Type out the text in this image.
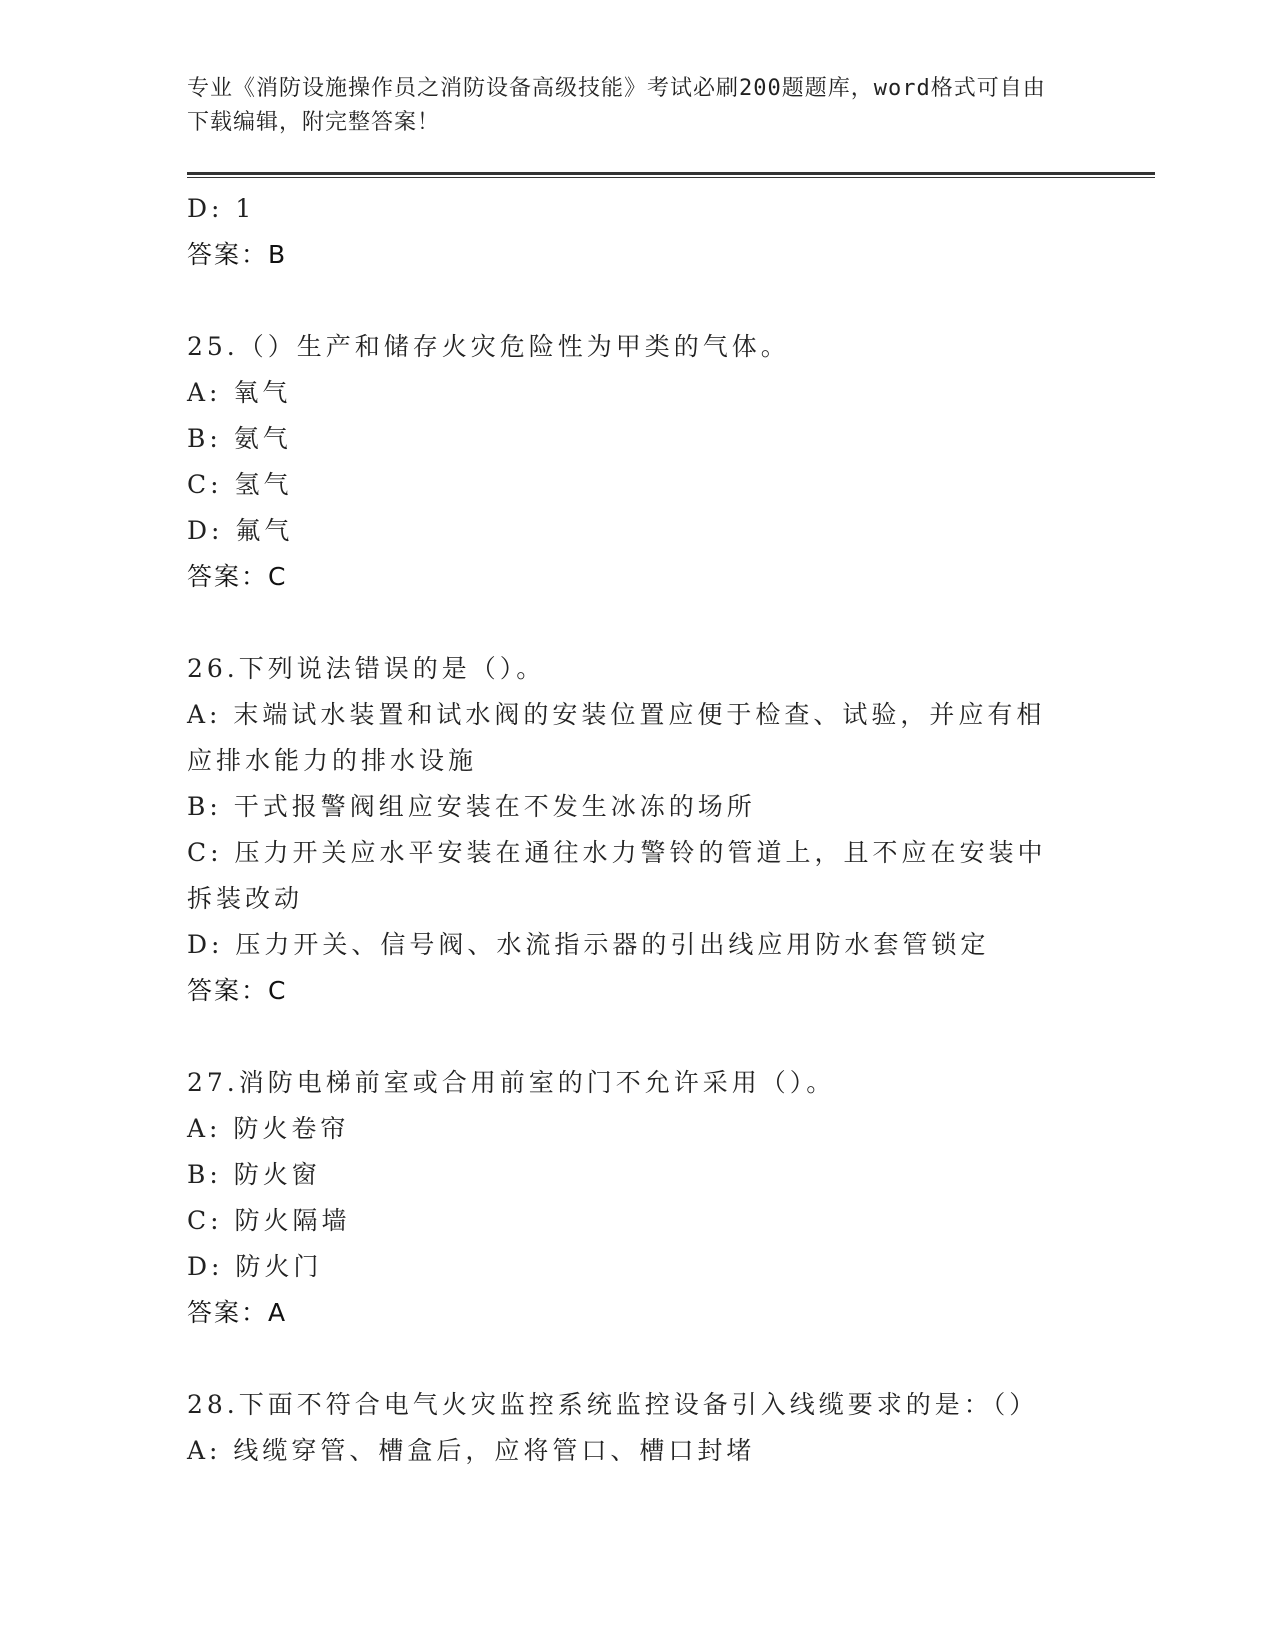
专业《消防设施操作员之消防设备高级技能》考试必刷200题题库，word格式可自由下载编辑，附完整答案！
D: 1
答案：B
25.（）生产和储存火灾危险性为甲类的气体。
A: 氧气
B: 氨气
C: 氢气
D: 氟气
答案：C
26.下列说法错误的是（）。
A: 末端试水装置和试水阀的安装位置应便于检查、试验，并应有相应排水能力的排水设施
B: 干式报警阀组应安装在不发生冰冻的场所
C: 压力开关应水平安装在通往水力警铃的管道上，且不应在安装中拆装改动
D: 压力开关、信号阀、水流指示器的引出线应用防水套管锁定
答案：C
27.消防电梯前室或合用前室的门不允许采用（）。
A: 防火卷帘
B: 防火窗
C: 防火隔墙
D: 防火门
答案：A
28.下面不符合电气火灾监控系统监控设备引入线缆要求的是：（）
A: 线缆穿管、槽盒后，应将管口、槽口封堵
